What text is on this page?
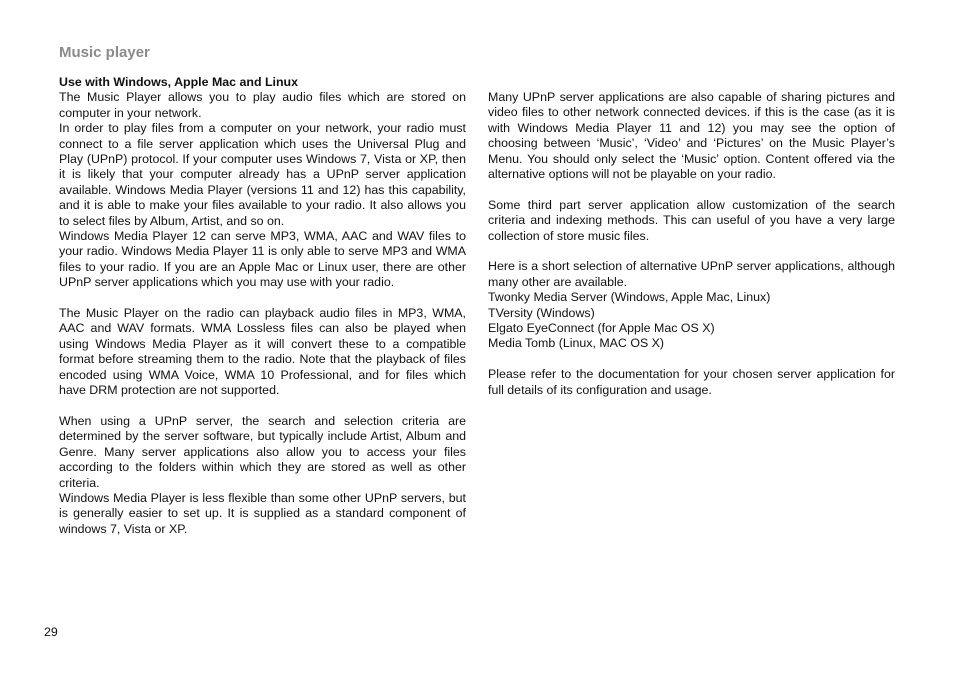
Music player

Use with Windows, Apple Mac and Linux

The Music Player allows you to play audio files which are stored on computer in your network.

In order to play files from a computer on your network, your radio must connect to a file server application which uses the Universal Plug and Play (UPnP) protocol. If your computer uses Windows 7, Vista or XP, then it is likely that your computer already has a UPnP server application available. Windows Media Player (versions 11 and 12) has this capability, and it is able to make your files available to your radio. It also allows you to select files by Album, Artist, and so on.

Windows Media Player 12 can serve MP3, WMA, AAC and WAV files to your radio. Windows Media Player 11 is only able to serve MP3 and WMA files to your radio. If you are an Apple Mac or Linux user, there are other UPnP server applications which you may use with your radio.

The Music Player on the radio can playback audio files in MP3, WMA, AAC and WAV formats. WMA Lossless files can also be played when using Windows Media Player as it will convert these to a compatible format before streaming them to the radio. Note that the playback of files encoded using WMA Voice, WMA 10 Professional, and for files which have DRM protection are not supported.

When using a UPnP server, the search and selection criteria are determined by the server software, but typically include Artist, Album and Genre. Many server applications also allow you to access your files according to the folders within which they are stored as well as other criteria.

Windows Media Player is less flexible than some other UPnP servers, but is generally easier to set up. It is supplied as a standard component of windows 7, Vista or XP.

Many UPnP server applications are also capable of sharing pictures and video files to other network connected devices. if this is the case (as it is with Windows Media Player 11 and 12) you may see the option of choosing between ‘Music’, ‘Video’ and ‘Pictures’ on the Music Player’s Menu. You should only select the ‘Music’ option. Content offered via the alternative options will not be playable on your radio.

Some third part server application allow customization of the search criteria and indexing methods. This can useful of you have a very large collection of store music files.

Here is a short selection of alternative UPnP server applications, although many other are available.

Twonky Media Server (Windows, Apple Mac, Linux)

TVersity (Windows)

Elgato EyeConnect (for Apple Mac OS X)

Media Tomb (Linux, MAC OS X)

Please refer to the documentation for your chosen server application for full details of its configuration and usage.

29
